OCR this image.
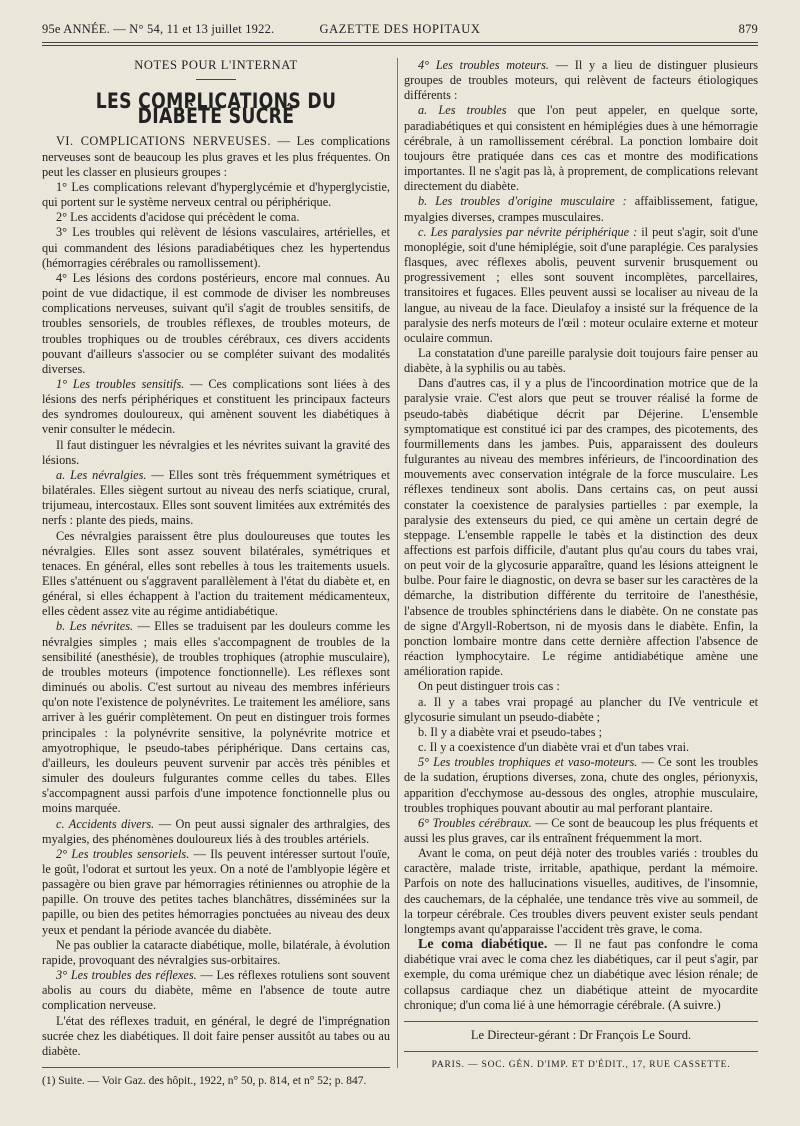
95e ANNÉE. — N° 54, 11 et 13 juillet 1922.	GAZETTE DES HOPITAUX	879
NOTES POUR L'INTERNAT
LES COMPLICATIONS DU DIABÈTE SUCRÉ

VI. COMPLICATIONS NERVEUSES. — Les complications nerveuses sont de beaucoup les plus graves et les plus fréquentes. On peut les classer en plusieurs groupes :

1° Les complications relevant d'hyperglycémie et d'hyperglycistie, qui portent sur le système nerveux central ou périphérique.

2° Les accidents d'acidose qui précèdent le coma.

3° Les troubles qui relèvent de lésions vasculaires, artérielles, et qui commandent des lésions paradiabétiques chez les hypertendus (hémorragies cérébrales ou ramollissement).

4° Les lésions des cordons postérieurs, encore mal connues. Au point de vue didactique, il est commode de diviser les nombreuses complications nerveuses, suivant qu'il s'agit de troubles sensitifs, de troubles sensoriels, de troubles réflexes, de troubles moteurs, de troubles trophiques ou de troubles cérébraux, ces divers accidents pouvant d'ailleurs s'associer ou se compléter suivant des modalités diverses.

1° Les troubles sensitifs. — Ces complications sont liées à des lésions des nerfs périphériques et constituent les principaux facteurs des syndromes douloureux, qui amènent souvent les diabétiques à venir consulter le médecin.

Il faut distinguer les névralgies et les névrites suivant la gravité des lésions.

a. Les névralgies. — Elles sont très fréquemment symétriques et bilatérales. Elles siègent surtout au niveau des nerfs sciatique, crural, trijumeau, intercostaux. Elles sont souvent limitées aux extrémités des nerfs : plante des pieds, mains.

Ces névralgies paraissent être plus douloureuses que toutes les névralgies. Elles sont assez souvent bilatérales, symétriques et tenaces. En général, elles sont rebelles à tous les traitements usuels. Elles s'atténuent ou s'aggravent parallèlement à l'état du diabète et, en général, si elles échappent à l'action du traitement médicamenteux, elles cèdent assez vite au régime antidiabétique.

b. Les névrites. — Elles se traduisent par les douleurs comme les névralgies simples ; mais elles s'accompagnent de troubles de la sensibilité (anesthésie), de troubles trophiques (atrophie musculaire), de troubles moteurs (impotence fonctionnelle). Les réflexes sont diminués ou abolis. C'est surtout au niveau des membres inférieurs qu'on note l'existence de polynévrites. Le traitement les améliore, sans arriver à les guérir complètement. On peut en distinguer trois formes principales : la polynévrite sensitive, la polynévrite motrice et amyotrophique, le pseudo-tabes périphérique. Dans certains cas, d'ailleurs, les douleurs peuvent survenir par accès très pénibles et simuler des douleurs fulgurantes comme celles du tabes. Elles s'accompagnent aussi parfois d'une impotence fonctionnelle plus ou moins marquée.

c. Accidents divers. — On peut aussi signaler des arthralgies, des myalgies, des phénomènes douloureux liés à des troubles artériels.

2° Les troubles sensoriels. — Ils peuvent intéresser surtout l'ouïe, le goût, l'odorat et surtout les yeux. On a noté de l'amblyopie légère et passagère ou bien grave par hémorragies rétiniennes ou atrophie de la papille. On trouve des petites taches blanchâtres, disséminées sur la papille, ou bien des petites hémorragies ponctuées au niveau des deux yeux et pendant la période avancée du diabète.

Ne pas oublier la cataracte diabétique, molle, bilatérale, à évolution rapide, provoquant des névralgies sus-orbitaires.

3° Les troubles des réflexes. — Les réflexes rotuliens sont souvent abolis au cours du diabète, même en l'absence de toute autre complication nerveuse.

L'état des réflexes traduit, en général, le degré de l'imprégnation sucrée chez les diabétiques. Il doit faire penser aussitôt au tabes ou au diabète.

(1) Suite. — Voir Gaz. des hôpit., 1922, n° 50, p. 814, et n° 52; p. 847.

4° Les troubles moteurs. — Il y a lieu de distinguer plusieurs groupes de troubles moteurs, qui relèvent de facteurs étiologiques différents :

a. Les troubles que l'on peut appeler, en quelque sorte, paradiabétiques et qui consistent en hémiplégies dues à une hémorragie cérébrale, à un ramollissement cérébral. La ponction lombaire doit toujours être pratiquée dans ces cas et montre des modifications importantes. Il ne s'agit pas là, à proprement, de complications relevant directement du diabète.

b. Les troubles d'origine musculaire : affaiblissement, fatigue, myalgies diverses, crampes musculaires.

c. Les paralysies par névrite périphérique : il peut s'agir, soit d'une monoplégie, soit d'une hémiplégie, soit d'une paraplégie. Ces paralysies flasques, avec réflexes abolis, peuvent survenir brusquement ou progressivement ; elles sont souvent incomplètes, parcellaires, transitoires et fugaces. Elles peuvent aussi se localiser au niveau de la langue, au niveau de la face. Dieulafoy a insisté sur la fréquence de la paralysie des nerfs moteurs de l'œil : moteur oculaire externe et moteur oculaire commun.

La constatation d'une pareille paralysie doit toujours faire penser au diabète, à la syphilis ou au tabès.

Dans d'autres cas, il y a plus de l'incoordination motrice que de la paralysie vraie. C'est alors que peut se trouver réalisé la forme de pseudo-tabès diabétique décrit par Déjerine. L'ensemble symptomatique est constitué ici par des crampes, des picotements, des fourmillements dans les jambes. Puis, apparaissent des douleurs fulgurantes au niveau des membres inférieurs, de l'incoordination des mouvements avec conservation intégrale de la force musculaire. Les réflexes tendineux sont abolis. Dans certains cas, on peut aussi constater la coexistence de paralysies partielles : par exemple, la paralysie des extenseurs du pied, ce qui amène un certain degré de steppage. L'ensemble rappelle le tabès et la distinction des deux affections est parfois difficile, d'autant plus qu'au cours du tabes vrai, on peut voir de la glycosurie apparaître, quand les lésions atteignent le bulbe. Pour faire le diagnostic, on devra se baser sur les caractères de la démarche, la distribution différente du territoire de l'anesthésie, l'absence de troubles sphinctériens dans le diabète. On ne constate pas de signe d'Argyll-Robertson, ni de myosis dans le diabète. Enfin, la ponction lombaire montre dans cette dernière affection l'absence de réaction lymphocytaire. Le régime antidiabétique amène une amélioration rapide.

On peut distinguer trois cas :

a. Il y a tabes vrai propagé au plancher du IVe ventricule et glycosurie simulant un pseudo-diabète ;

b. Il y a diabète vrai et pseudo-tabes ;

c. Il y a coexistence d'un diabète vrai et d'un tabes vrai.

5° Les troubles trophiques et vaso-moteurs. — Ce sont les troubles de la sudation, éruptions diverses, zona, chute des ongles, périonyxis, apparition d'ecchymose au-dessous des ongles, atrophie musculaire, troubles trophiques pouvant aboutir au mal perforant plantaire.

6° Troubles cérébraux. — Ce sont de beaucoup les plus fréquents et aussi les plus graves, car ils entraînent fréquemment la mort.

Avant le coma, on peut déjà noter des troubles variés : troubles du caractère, malade triste, irritable, apathique, perdant la mémoire. Parfois on note des hallucinations visuelles, auditives, de l'insomnie, des cauchemars, de la céphalée, une tendance très vive au sommeil, de la torpeur cérébrale. Ces troubles divers peuvent exister seuls pendant longtemps avant qu'apparaisse l'accident très grave, le coma.

Le coma diabétique. — Il ne faut pas confondre le coma diabétique vrai avec le coma chez les diabétiques, car il peut s'agir, par exemple, du coma urémique chez un diabétique avec lésion rénale; de collapsus cardiaque chez un diabétique atteint de myocardite chronique; d'un coma lié à une hémorragie cérébrale. (A suivre.)

Le Directeur-gérant : Dr François Le Sourd.
PARIS. — SOC. GÉN. D'IMP. ET D'ÉDIT., 17, RUE CASSETTE.
